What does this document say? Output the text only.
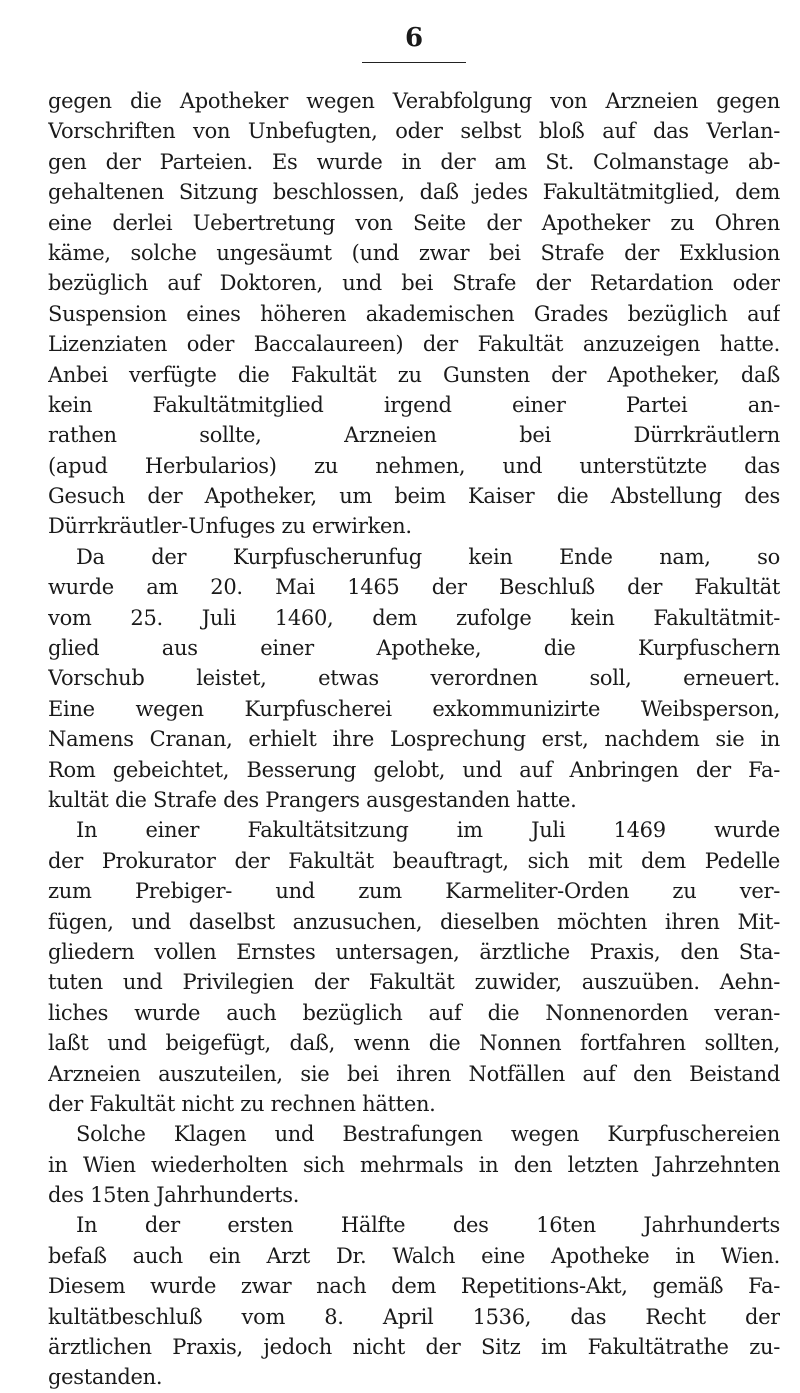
6
gegen die Apotheker wegen Verabfolgung von Arzneien gegen
Vorschriften von Unbefugten, oder selbst bloß auf das Verlan-
gen der Parteien. Es wurde in der am St. Colmanstage ab-
gehaltenen Sitzung beschlossen, daß jedes Fakultätmitglied, dem
eine derlei Uebertretung von Seite der Apotheker zu Ohren
käme, solche ungesäumt (und zwar bei Strafe der Exklusion
bezüglich auf Doktoren, und bei Strafe der Retardation oder
Suspension eines höheren akademischen Grades bezüglich auf
Lizenziaten oder Baccalaureen) der Fakultät anzuzeigen hatte.
Anbei verfügte die Fakultät zu Gunsten der Apotheker, daß
kein Fakultätmitglied irgend einer Partei an-
rathen sollte, Arzneien bei Dürrkräutlern
(apud Herbularios) zu nehmen, und unterstützte das
Gesuch der Apotheker, um beim Kaiser die Abstellung des
Dürrkräutler-Unfuges zu erwirken.
Da der Kurpfuscherunfug kein Ende nam, so
wurde am 20. Mai 1465 der Beschluß der Fakultät
vom 25. Juli 1460, dem zufolge kein Fakultätmit-
glied aus einer Apotheke, die Kurpfuschern
Vorschub leistet, etwas verordnen soll, erneuert.
Eine wegen Kurpfuscherei exkommunizirte Weibsperson,
Namens Cranan, erhielt ihre Losprechung erst, nachdem sie in
Rom gebeichtet, Besserung gelobt, und auf Anbringen der Fa-
kultät die Strafe des Prangers ausgestanden hatte.
In einer Fakultätsitzung im Juli 1469 wurde
der Prokurator der Fakultät beauftragt, sich mit dem Pedelle
zum Prebiger- und zum Karmeliter-Orden zu ver-
fügen, und daselbst anzusuchen, dieselben möchten ihren Mit-
gliedern vollen Ernstes untersagen, ärztliche Praxis, den Sta-
tuten und Privilegien der Fakultät zuwider, auszuüben. Aehn-
liches wurde auch bezüglich auf die Nonnenorden veran-
laßt und beigefügt, daß, wenn die Nonnen fortfahren sollten,
Arzneien auszuteilen, sie bei ihren Notfällen auf den Beistand
der Fakultät nicht zu rechnen hätten.
Solche Klagen und Bestrafungen wegen Kurpfuschereien
in Wien wiederholten sich mehrmals in den letzten Jahrzehnten
des 15ten Jahrhunderts.
In der ersten Hälfte des 16ten Jahrhunderts
befaß auch ein Arzt Dr. Walch eine Apotheke in Wien.
Diesem wurde zwar nach dem Repetitions-Akt, gemäß Fa-
kultätbeschluß vom 8. April 1536, das Recht der
ärztlichen Praxis, jedoch nicht der Sitz im Fakultätrathe zu-
gestanden.
